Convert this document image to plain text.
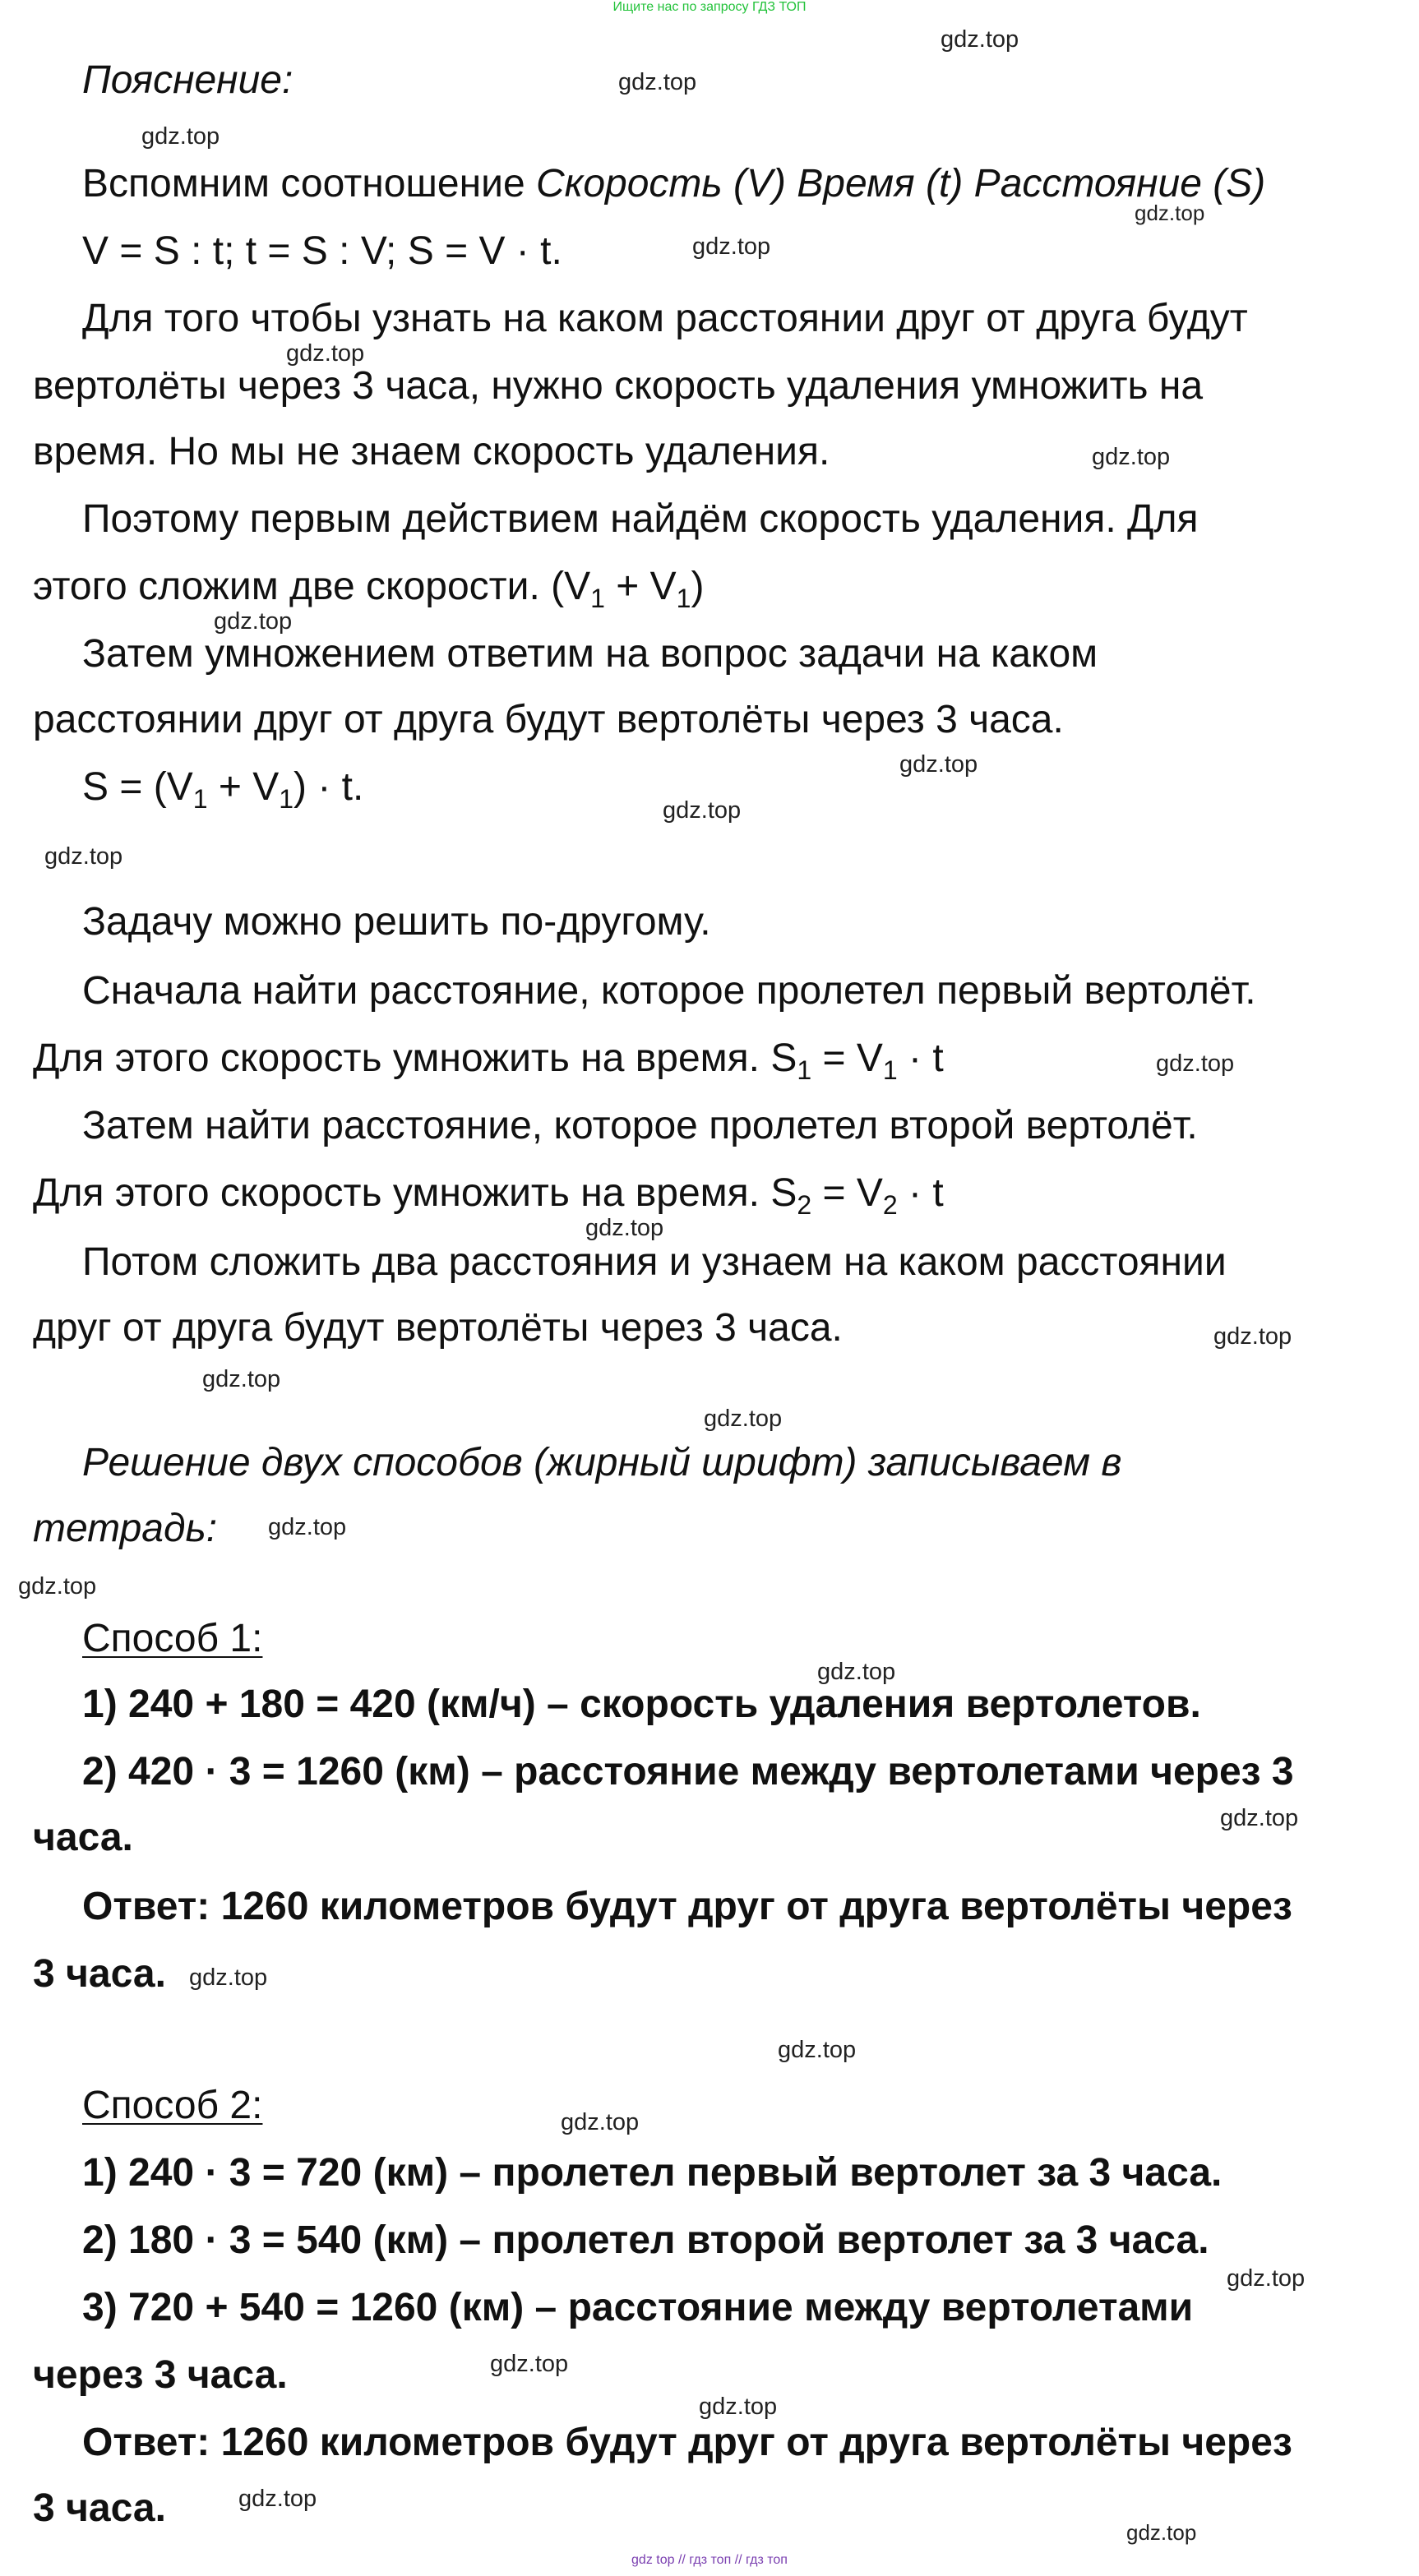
Ищите нас по запросу ГДЗ ТОП
Пояснение:
Вспомним соотношение Скорость (V) Время (t) Расстояние (S)
V = S : t; t = S : V; S = V · t.
Для того чтобы узнать на каком расстоянии друг от друга будут
вертолёты через 3 часа, нужно скорость удаления умножить на
время. Но мы не знаем скорость удаления.
Поэтому первым действием найдём скорость удаления. Для
этого сложим две скорости. $(V_1 + V_1)$
Затем умножением ответим на вопрос задачи на каком
расстоянии друг от друга будут вертолёты через 3 часа.
$S = (V_1 + V_1) \cdot t$.
Задачу можно решить по-другому.
Сначала найти расстояние, которое пролетел первый вертолёт.
Для этого скорость умножить на время. $S_1 = V_1 \cdot t$
Затем найти расстояние, которое пролетел второй вертолёт.
Для этого скорость умножить на время. $S_2 = V_2 \cdot t$
Потом сложить два расстояния и узнаем на каком расстоянии
друг от друга будут вертолёты через 3 часа.
Решение двух способов (жирный шрифт) записываем в
тетрадь:
Способ 1:
1) 240 + 180 = 420 (км/ч) – скорость удаления вертолетов.
2) 420 · 3 = 1260 (км) – расстояние между вертолетами через 3
часа.
Ответ: 1260 километров будут друг от друга вертолёты через
3 часа.
Способ 2:
1) 240 · 3 = 720 (км) – пролетел первый вертолет за 3 часа.
2) 180 · 3 = 540 (км) – пролетел второй вертолет за 3 часа.
3) 720 + 540 = 1260 (км) – расстояние между вертолетами
через 3 часа.
Ответ: 1260 километров будут друг от друга вертолёты через
3 часа.
gdz.top
gdz.top
gdz.top
gdz.top
gdz.top
gdz.top
gdz.top
gdz.top
gdz.top
gdz.top
gdz.top
gdz.top
gdz.top
gdz.top
gdz.top
gdz.top
gdz.top
gdz.top
gdz.top
gdz.top
gdz.top
gdz.top
gdz.top
gdz.top
gdz.top
gdz.top
gdz.top
gdz.top
gdz top // гдз топ // гдз топ
